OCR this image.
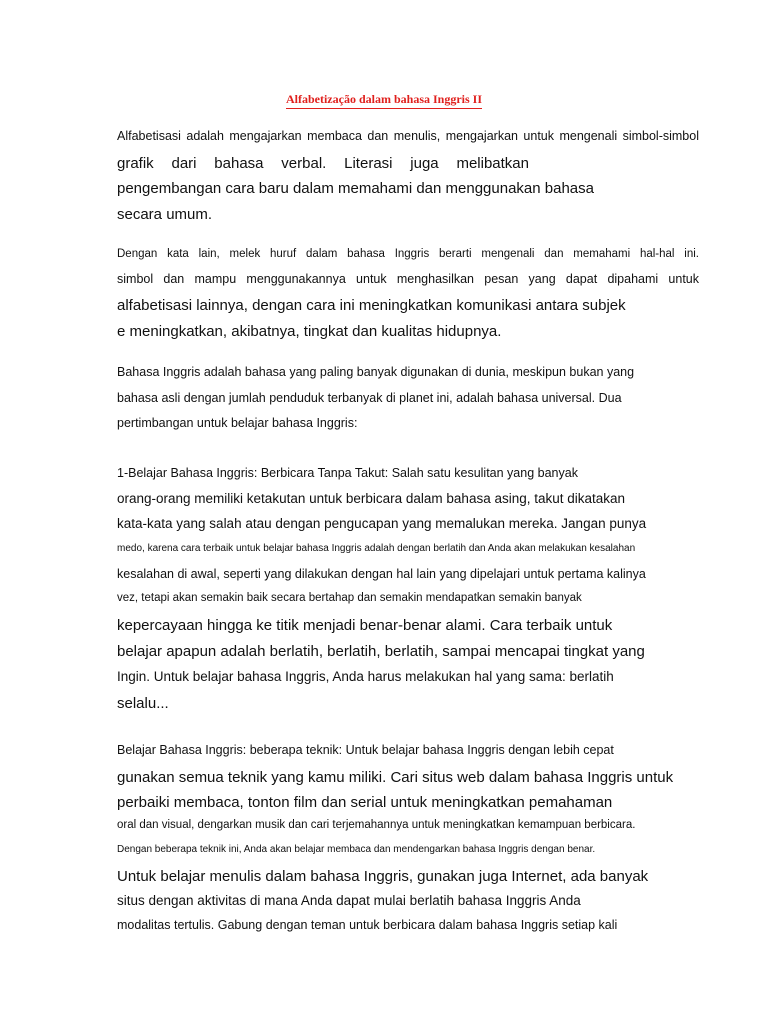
Alfabetização dalam bahasa Inggris II

Alfabetisasi adalah mengajarkan membaca dan menulis, mengajarkan untuk mengenali simbol-simbol

grafik dari bahasa verbal. Literasi juga melibatkan

pengembangan cara baru dalam memahami dan menggunakan bahasa

secara umum.

Dengan kata lain, melek huruf dalam bahasa Inggris berarti mengenali dan memahami hal-hal ini.

simbol dan mampu menggunakannya untuk menghasilkan pesan yang dapat dipahami untuk

alfabetisasi lainnya, dengan cara ini meningkatkan komunikasi antara subjek

e meningkatkan, akibatnya, tingkat dan kualitas hidupnya.

Bahasa Inggris adalah bahasa yang paling banyak digunakan di dunia, meskipun bukan yang

bahasa asli dengan jumlah penduduk terbanyak di planet ini, adalah bahasa universal. Dua

pertimbangan untuk belajar bahasa Inggris:

1-Belajar Bahasa Inggris: Berbicara Tanpa Takut: Salah satu kesulitan yang banyak

orang-orang memiliki ketakutan untuk berbicara dalam bahasa asing, takut dikatakan

kata-kata yang salah atau dengan pengucapan yang memalukan mereka. Jangan punya

medo, karena cara terbaik untuk belajar bahasa Inggris adalah dengan berlatih dan Anda akan melakukan kesalahan

kesalahan di awal, seperti yang dilakukan dengan hal lain yang dipelajari untuk pertama kalinya

vez, tetapi akan semakin baik secara bertahap dan semakin mendapatkan semakin banyak

kepercayaan hingga ke titik menjadi benar-benar alami. Cara terbaik untuk

belajar apapun adalah berlatih, berlatih, berlatih, sampai mencapai tingkat yang

Ingin. Untuk belajar bahasa Inggris, Anda harus melakukan hal yang sama: berlatih

selalu...

Belajar Bahasa Inggris: beberapa teknik: Untuk belajar bahasa Inggris dengan lebih cepat

gunakan semua teknik yang kamu miliki. Cari situs web dalam bahasa Inggris untuk

perbaiki membaca, tonton film dan serial untuk meningkatkan pemahaman

oral dan visual, dengarkan musik dan cari terjemahannya untuk meningkatkan kemampuan berbicara.

Dengan beberapa teknik ini, Anda akan belajar membaca dan mendengarkan bahasa Inggris dengan benar.

Untuk belajar menulis dalam bahasa Inggris, gunakan juga Internet, ada banyak

situs dengan aktivitas di mana Anda dapat mulai berlatih bahasa Inggris Anda

modalitas tertulis. Gabung dengan teman untuk berbicara dalam bahasa Inggris setiap kali
